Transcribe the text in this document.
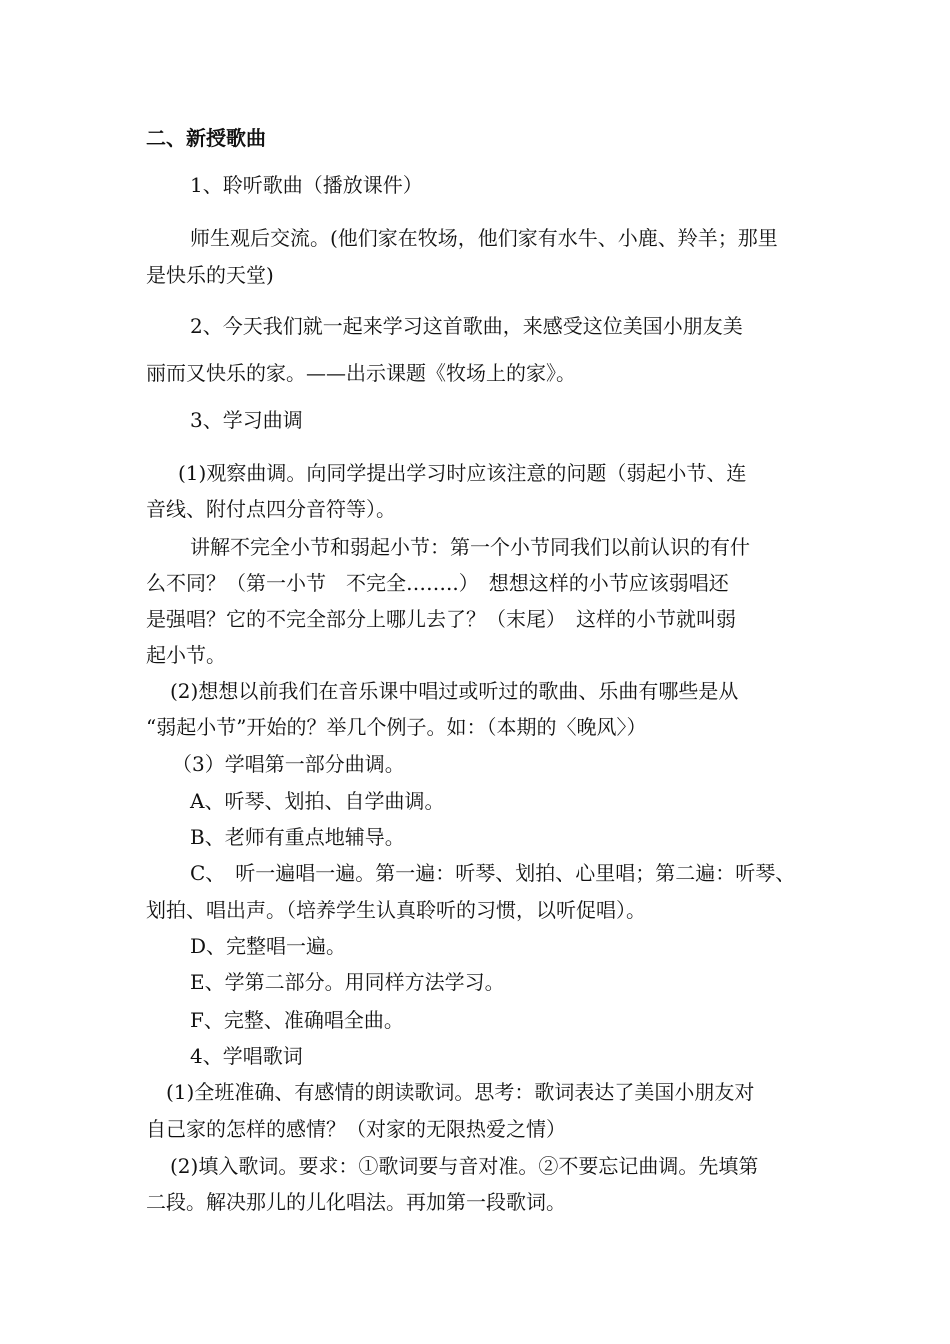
二、新授歌曲
1、聆听歌曲（播放课件）
师生观后交流。(他们家在牧场，他们家有水牛、小鹿、羚羊；那里
是快乐的天堂)
2、今天我们就一起来学习这首歌曲，来感受这位美国小朋友美
丽而又快乐的家。——出示课题《牧场上的家》。
3、学习曲调
(1)观察曲调。向同学提出学习时应该注意的问题（弱起小节、连
音线、附付点四分音符等）。
讲解不完全小节和弱起小节：第一个小节同我们以前认识的有什
么不同？（第一小节　不完全……..）　想想这样的小节应该弱唱还
是强唱？它的不完全部分上哪儿去了？（末尾）　这样的小节就叫弱
起小节。
(2)想想以前我们在音乐课中唱过或听过的歌曲、乐曲有哪些是从
“弱起小节”开始的？举几个例子。如：（本期的〈晚风〉）
（3）学唱第一部分曲调。
A、听琴、划拍、自学曲调。
B、老师有重点地辅导。
C、　听一遍唱一遍。第一遍：听琴、划拍、心里唱；第二遍：听琴、
划拍、唱出声。（培养学生认真聆听的习惯，以听促唱）。
D、完整唱一遍。
E、学第二部分。用同样方法学习。
F、完整、准确唱全曲。
4、学唱歌词
(1)全班准确、有感情的朗读歌词。思考：歌词表达了美国小朋友对
自己家的怎样的感情？（对家的无限热爱之情）
(2)填入歌词。要求：①歌词要与音对准。②不要忘记曲调。先填第
二段。解决那儿的儿化唱法。再加第一段歌词。
